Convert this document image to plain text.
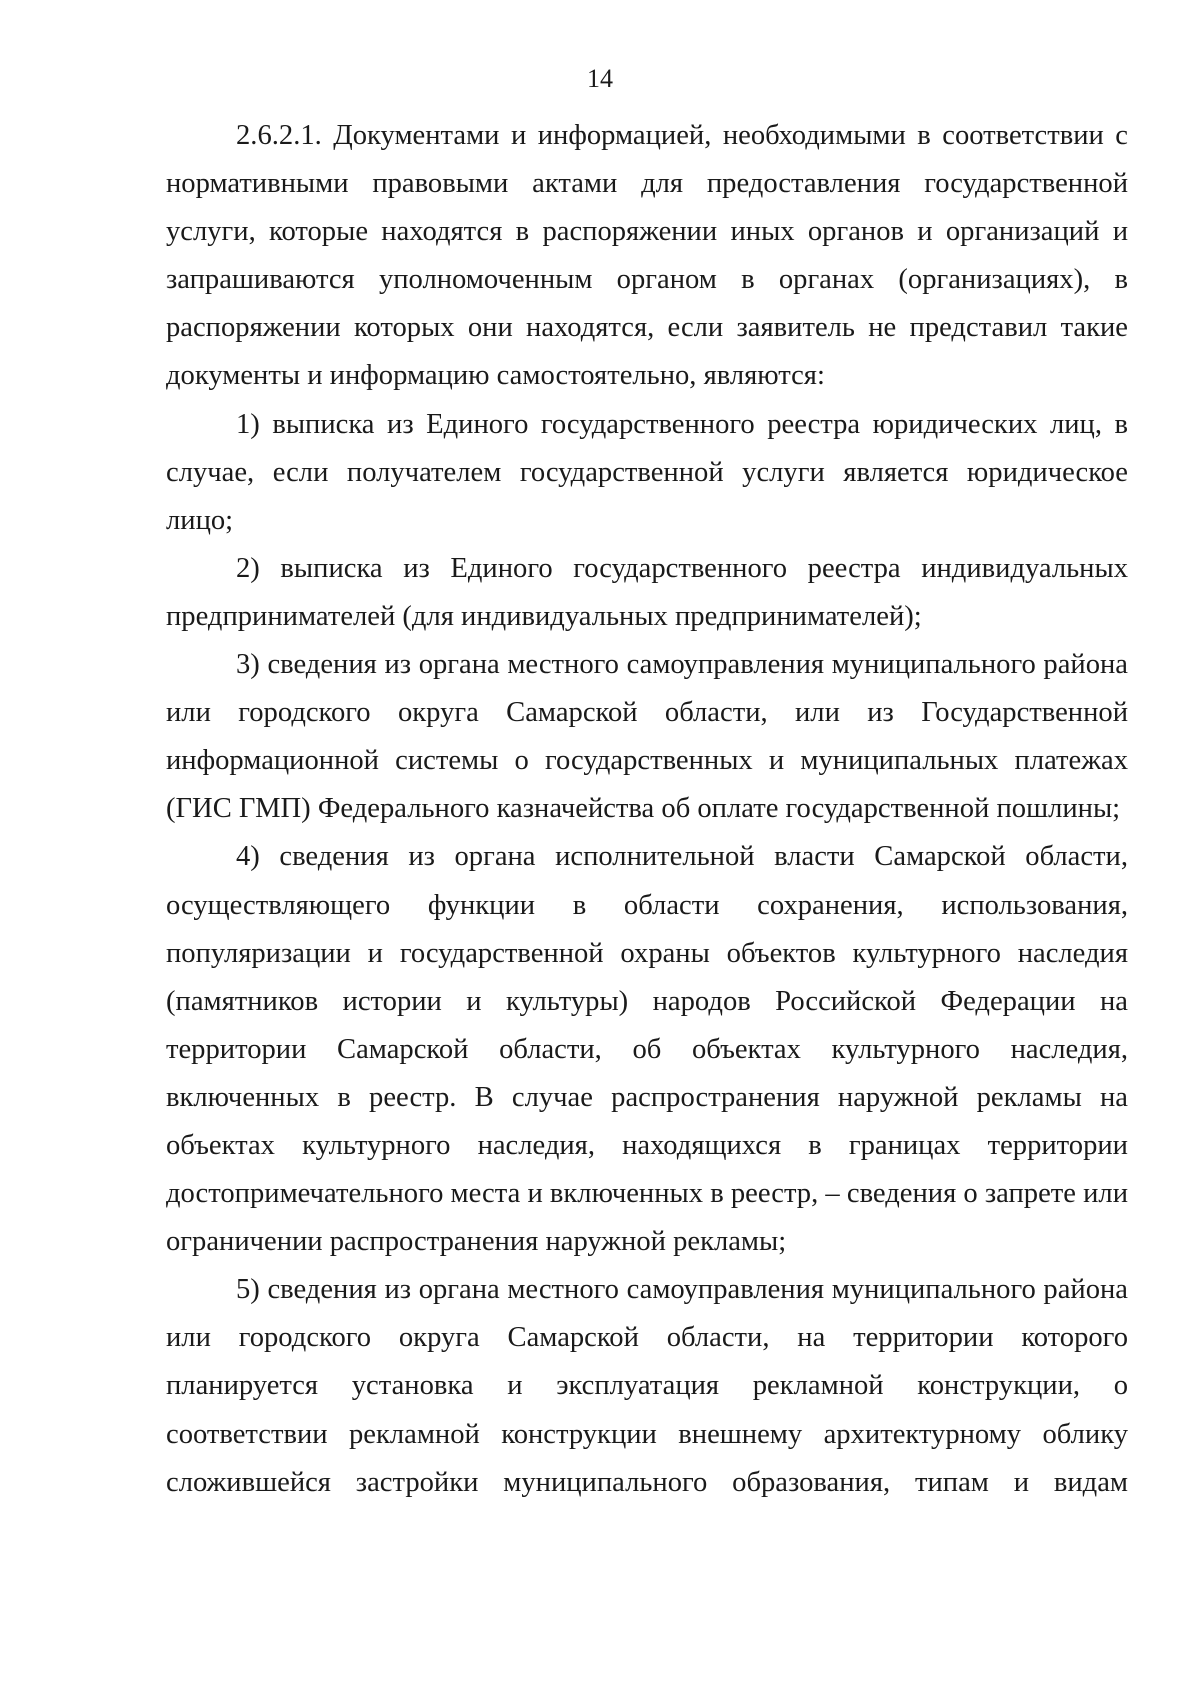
14

2.6.2.1. Документами и информацией, необходимыми в соответствии с нормативными правовыми актами для предоставления государственной услуги, которые находятся в распоряжении иных органов и организаций и запрашиваются уполномоченным органом в органах (организациях), в распоряжении которых они находятся, если заявитель не представил такие документы и информацию самостоятельно, являются:

1) выписка из Единого государственного реестра юридических лиц, в случае, если получателем государственной услуги является юридическое лицо;

2) выписка из Единого государственного реестра индивидуальных предпринимателей (для индивидуальных предпринимателей);

3) сведения из органа местного самоуправления муниципального района или городского округа Самарской области, или из Государственной информационной системы о государственных и муниципальных платежах (ГИС ГМП) Федерального казначейства об оплате государственной пошлины;

4) сведения из органа исполнительной власти Самарской области, осуществляющего функции в области сохранения, использования, популяризации и государственной охраны объектов культурного наследия (памятников истории и культуры) народов Российской Федерации на территории Самарской области, об объектах культурного наследия, включенных в реестр. В случае распространения наружной рекламы на объектах культурного наследия, находящихся в границах территории достопримечательного места и включенных в реестр, – сведения о запрете или ограничении распространения наружной рекламы;

5) сведения из органа местного самоуправления муниципального района или городского округа Самарской области, на территории которого планируется установка и эксплуатация рекламной конструкции, о соответствии рекламной конструкции внешнему архитектурному облику сложившейся застройки муниципального образования, типам и видам
